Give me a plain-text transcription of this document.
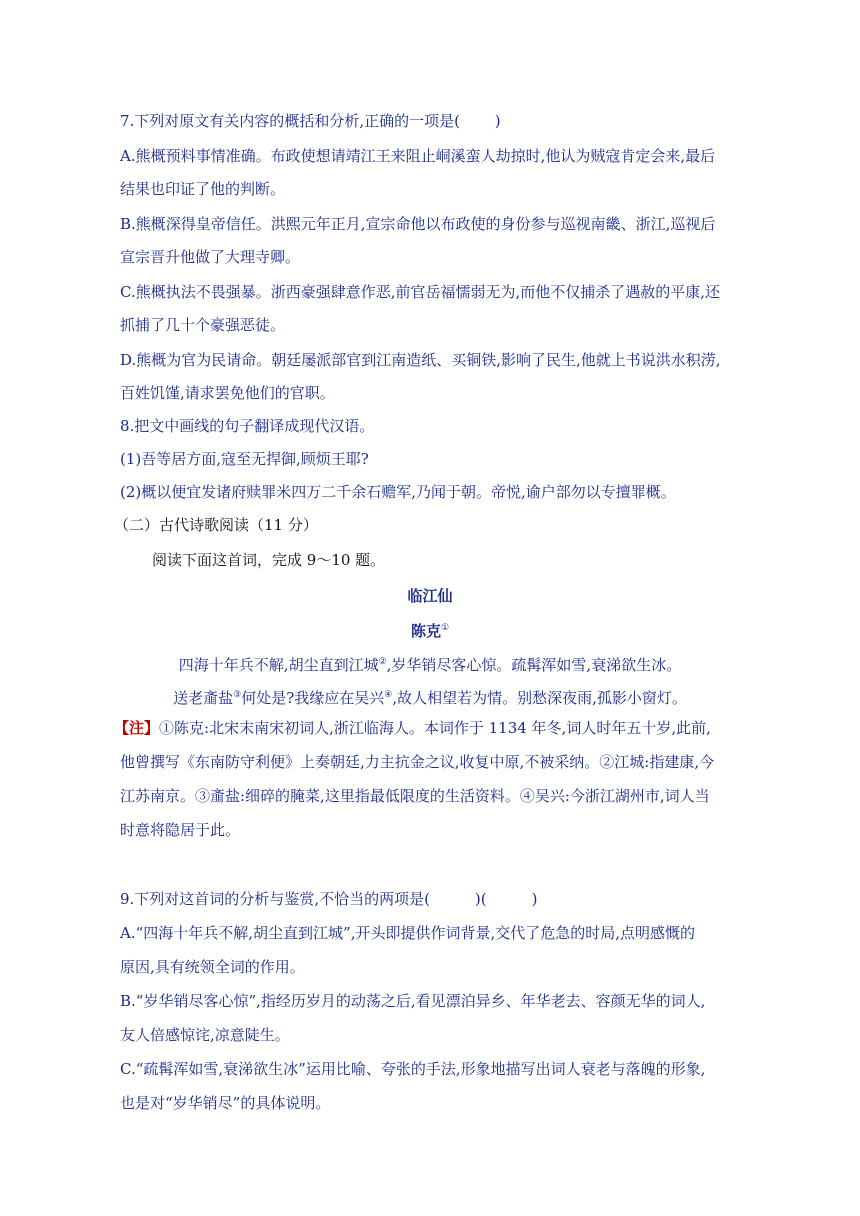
7.下列对原文有关内容的概括和分析,正确的一项是(　　 )
A.熊概预料事情准确。布政使想请靖江王来阻止峒溪蛮人劫掠时,他认为贼寇肯定会来,最后
结果也印证了他的判断。
B.熊概深得皇帝信任。洪熙元年正月,宣宗命他以布政使的身份参与巡视南畿、浙江,巡视后
宣宗晋升他做了大理寺卿。
C.熊概执法不畏强暴。浙西豪强肆意作恶,前官岳福懦弱无为,而他不仅捕杀了遇赦的平康,还
抓捕了几十个豪强恶徒。
D.熊概为官为民请命。朝廷屡派部官到江南造纸、买铜铁,影响了民生,他就上书说洪水积涝,
百姓饥馑,请求罢免他们的官职。
8.把文中画线的句子翻译成现代汉语。
(1)吾等居方面,寇至无捍御,顾烦王耶?
(2)概以便宜发诸府赎罪米四万二千余石赡军,乃闻于朝。帝悦,谕户部勿以专擅罪概。
（二）古代诗歌阅读（11 分）
阅读下面这首词，完成 9～10 题。
临江仙
陈克①
四海十年兵不解,胡尘直到江城②,岁华销尽客心惊。疏髯浑如雪,衰涕欲生冰。
送老齑盐③何处是?我缘应在吴兴④,故人相望若为情。别愁深夜雨,孤影小窗灯。
【注】①陈克:北宋末南宋初词人,浙江临海人。本词作于 1134 年冬,词人时年五十岁,此前,
他曾撰写《东南防守利便》上奏朝廷,力主抗金之议,收复中原,不被采纳。②江城:指建康,今
江苏南京。③齑盐:细碎的腌菜,这里指最低限度的生活资料。④吴兴:今浙江湖州市,词人当
时意将隐居于此。
9.下列对这首词的分析与鉴赏,不恰当的两项是(　　　)(　　　)
A.“四海十年兵不解,胡尘直到江城”,开头即提供作词背景,交代了危急的时局,点明感慨的
原因,具有统领全词的作用。
B.“岁华销尽客心惊”,指经历岁月的动荡之后,看见漂泊异乡、年华老去、容颜无华的词人,
友人倍感惊诧,凉意陡生。
C.“疏髯浑如雪,衰涕欲生冰”运用比喻、夸张的手法,形象地描写出词人衰老与落魄的形象,
也是对“岁华销尽”的具体说明。
